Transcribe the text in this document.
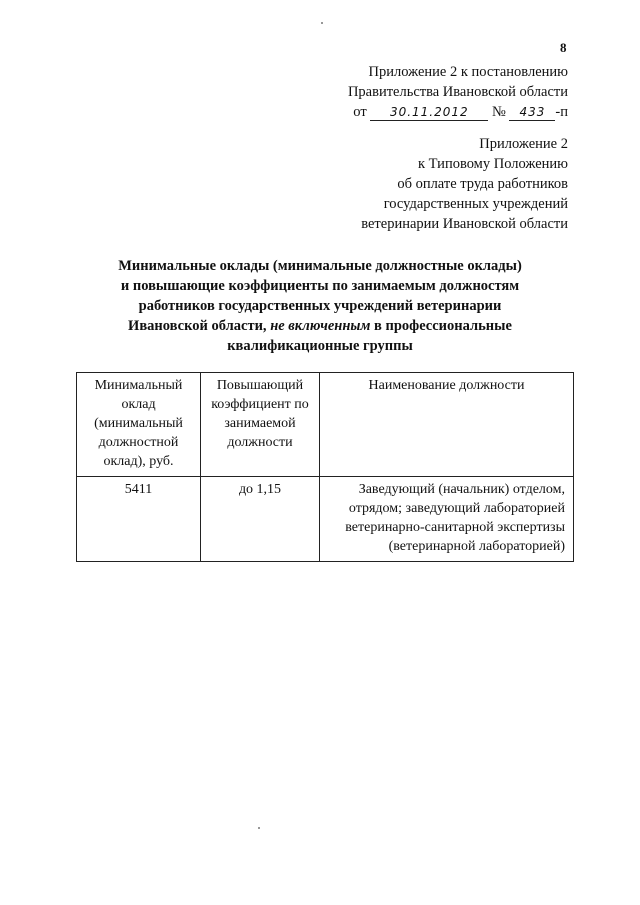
8
Приложение 2 к постановлению
Правительства Ивановской области
от 30.11.2012 № 433 -п
Приложение 2
к Типовому Положению
об оплате труда работников
государственных учреждений
ветеринарии Ивановской области
Минимальные оклады (минимальные должностные оклады)
и повышающие коэффициенты по занимаемым должностям
работников государственных учреждений ветеринарии
Ивановской области, не включенным в профессиональные
квалификационные группы
Минимальный оклад (минимальный должностной оклад), руб.	Повышающий коэффициент по занимаемой должности	Наименование должности
5411	до 1,15	Заведующий (начальник) отделом, отрядом; заведующий лабораторией ветеринарно-санитарной экспертизы (ветеринарной лабораторией)
